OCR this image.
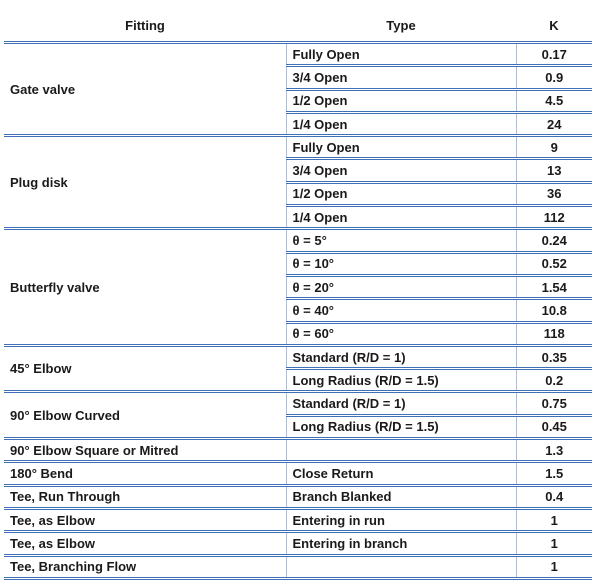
Fitting	Type	K
Gate valve	Fully Open	0.17
	3/4 Open	0.9
	1/2 Open	4.5
	1/4 Open	24
Plug disk	Fully Open	9
	3/4 Open	13
	1/2 Open	36
	1/4 Open	112
Butterfly valve	θ = 5°	0.24
	θ = 10°	0.52
	θ = 20°	1.54
	θ = 40°	10.8
	θ = 60°	118
45° Elbow	Standard (R/D = 1)	0.35
	Long Radius (R/D = 1.5)	0.2
90° Elbow Curved	Standard (R/D = 1)	0.75
	Long Radius (R/D = 1.5)	0.45
90° Elbow Square or Mitred		1.3
180° Bend	Close Return	1.5
Tee, Run Through	Branch Blanked	0.4
Tee, as Elbow	Entering in run	1
Tee, as Elbow	Entering in branch	1
Tee, Branching Flow		1
